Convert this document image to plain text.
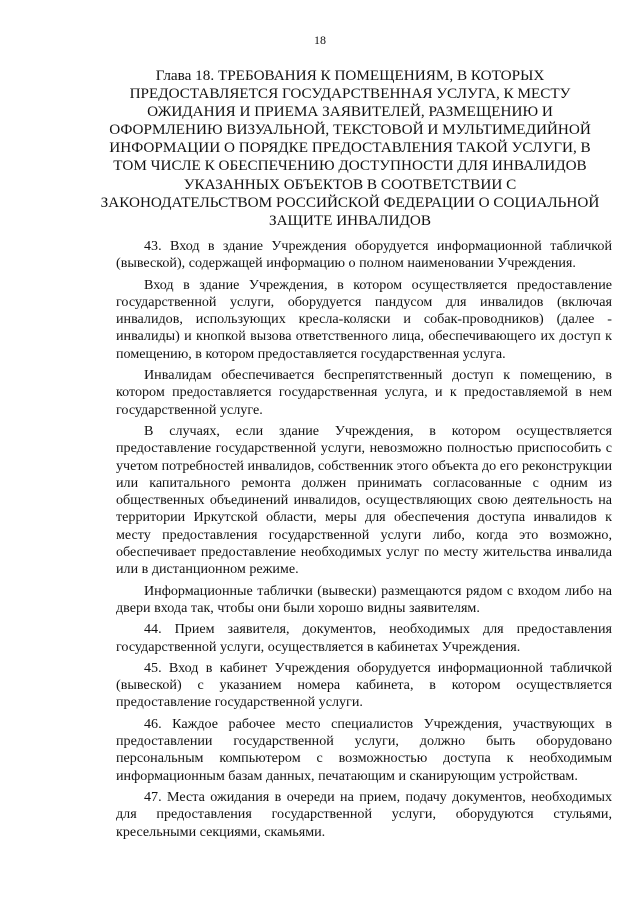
18
Глава 18. ТРЕБОВАНИЯ К ПОМЕЩЕНИЯМ, В КОТОРЫХ ПРЕДОСТАВЛЯЕТСЯ ГОСУДАРСТВЕННАЯ УСЛУГА, К МЕСТУ ОЖИДАНИЯ И ПРИЕМА ЗАЯВИТЕЛЕЙ, РАЗМЕЩЕНИЮ И ОФОРМЛЕНИЮ ВИЗУАЛЬНОЙ, ТЕКСТОВОЙ И МУЛЬТИМЕДИЙНОЙ ИНФОРМАЦИИ О ПОРЯДКЕ ПРЕДОСТАВЛЕНИЯ ТАКОЙ УСЛУГИ, В ТОМ ЧИСЛЕ К ОБЕСПЕЧЕНИЮ ДОСТУПНОСТИ ДЛЯ ИНВАЛИДОВ УКАЗАННЫХ ОБЪЕКТОВ В СООТВЕТСТВИИ С ЗАКОНОДАТЕЛЬСТВОМ РОССИЙСКОЙ ФЕДЕРАЦИИ О СОЦИАЛЬНОЙ ЗАЩИТЕ ИНВАЛИДОВ

43. Вход в здание Учреждения оборудуется информационной табличкой (вывеской), содержащей информацию о полном наименовании Учреждения.

Вход в здание Учреждения, в котором осуществляется предоставление государственной услуги, оборудуется пандусом для инвалидов (включая инвалидов, использующих кресла-коляски и собак-проводников) (далее - инвалиды) и кнопкой вызова ответственного лица, обеспечивающего их доступ к помещению, в котором предоставляется государственная услуга.

Инвалидам обеспечивается беспрепятственный доступ к помещению, в котором предоставляется государственная услуга, и к предоставляемой в нем государственной услуге.

В случаях, если здание Учреждения, в котором осуществляется предоставление государственной услуги, невозможно полностью приспособить с учетом потребностей инвалидов, собственник этого объекта до его реконструкции или капитального ремонта должен принимать согласованные с одним из общественных объединений инвалидов, осуществляющих свою деятельность на территории Иркутской области, меры для обеспечения доступа инвалидов к месту предоставления государственной услуги либо, когда это возможно, обеспечивает предоставление необходимых услуг по месту жительства инвалида или в дистанционном режиме.

Информационные таблички (вывески) размещаются рядом с входом либо на двери входа так, чтобы они были хорошо видны заявителям.

44. Прием заявителя, документов, необходимых для предоставления государственной услуги, осуществляется в кабинетах Учреждения.

45. Вход в кабинет Учреждения оборудуется информационной табличкой (вывеской) с указанием номера кабинета, в котором осуществляется предоставление государственной услуги.

46. Каждое рабочее место специалистов Учреждения, участвующих в предоставлении государственной услуги, должно быть оборудовано персональным компьютером с возможностью доступа к необходимым информационным базам данных, печатающим и сканирующим устройствам.

47. Места ожидания в очереди на прием, подачу документов, необходимых для предоставления государственной услуги, оборудуются стульями, кресельными секциями, скамьями.
